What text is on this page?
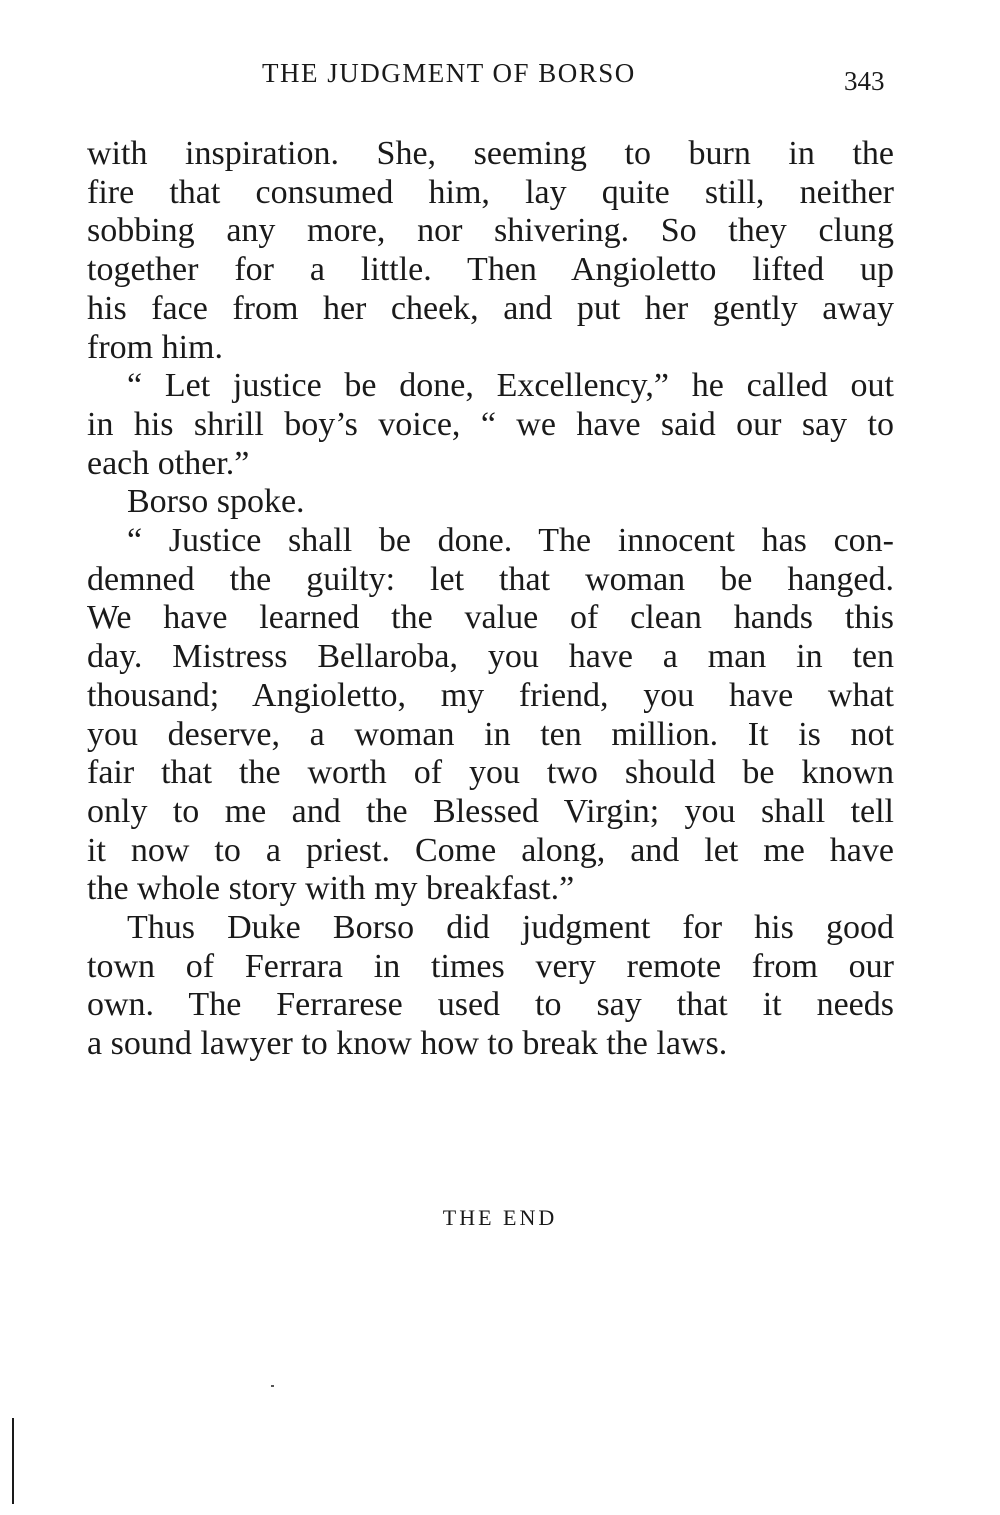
THE JUDGMENT OF BORSO	343
with inspiration. She, seeming to burn in the
fire that consumed him, lay quite still, neither
sobbing any more, nor shivering. So they clung
together for a little. Then Angioletto lifted up
his face from her cheek, and put her gently away
from him.
“ Let justice be done, Excellency,” he called out
in his shrill boy’s voice, “ we have said our say to
each other.”
Borso spoke.
“ Justice shall be done. The innocent has con-
demned the guilty: let that woman be hanged.
We have learned the value of clean hands this
day. Mistress Bellaroba, you have a man in ten
thousand; Angioletto, my friend, you have what
you deserve, a woman in ten million. It is not
fair that the worth of you two should be known
only to me and the Blessed Virgin; you shall tell
it now to a priest. Come along, and let me have
the whole story with my breakfast.”
Thus Duke Borso did judgment for his good
town of Ferrara in times very remote from our
own. The Ferrarese used to say that it needs
a sound lawyer to know how to break the laws.
THE END
